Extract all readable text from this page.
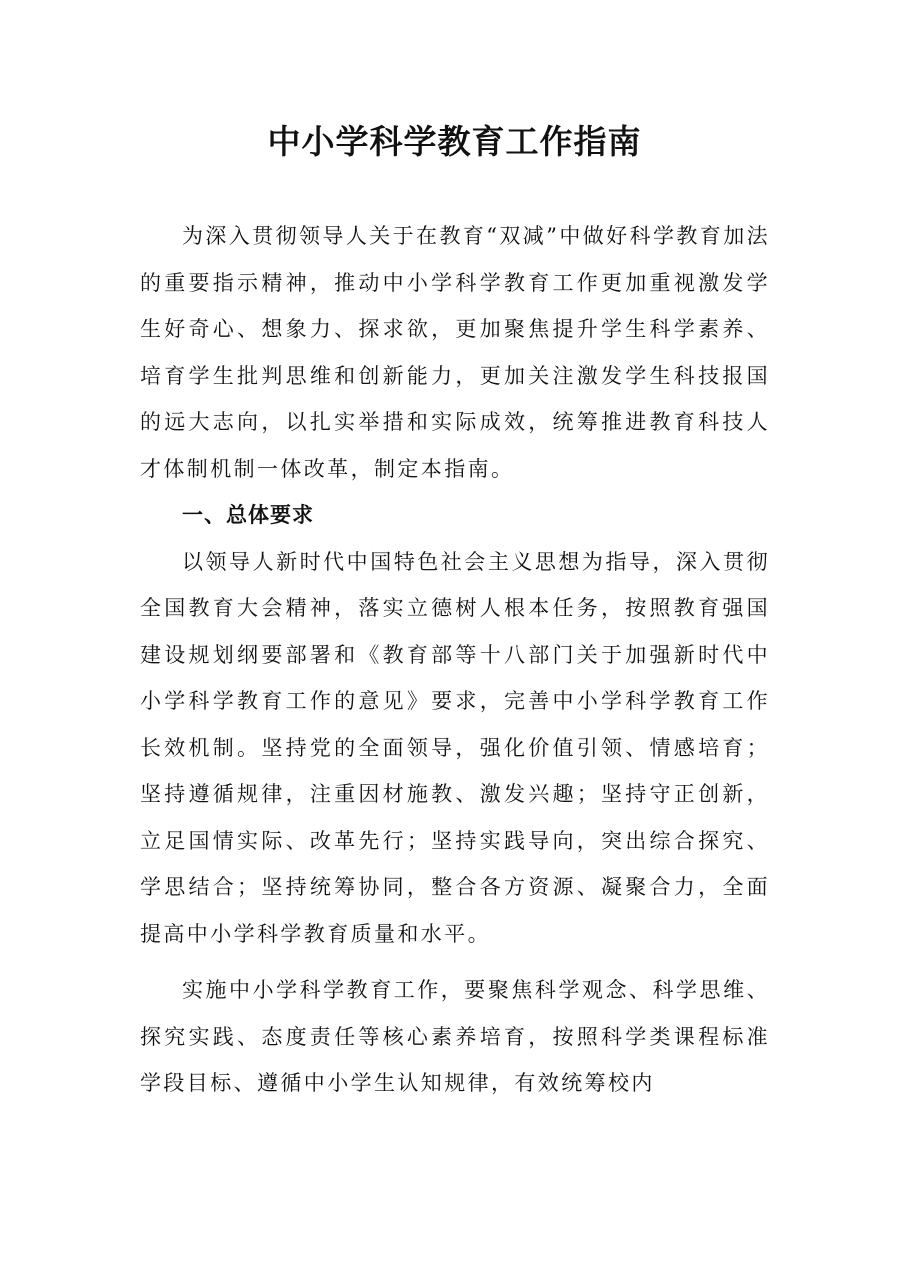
中小学科学教育工作指南

为深入贯彻领导人关于在教育“双减”中做好科学教育加法的重要指示精神，推动中小学科学教育工作更加重视激发学生好奇心、想象力、探求欲，更加聚焦提升学生科学素养、培育学生批判思维和创新能力，更加关注激发学生科技报国的远大志向，以扎实举措和实际成效，统筹推进教育科技人才体制机制一体改革，制定本指南。

一、总体要求

以领导人新时代中国特色社会主义思想为指导，深入贯彻全国教育大会精神，落实立德树人根本任务，按照教育强国建设规划纲要部署和《教育部等十八部门关于加强新时代中小学科学教育工作的意见》要求，完善中小学科学教育工作长效机制。坚持党的全面领导，强化价值引领、情感培育；坚持遵循规律，注重因材施教、激发兴趣；坚持守正创新，立足国情实际、改革先行；坚持实践导向，突出综合探究、学思结合；坚持统筹协同，整合各方资源、凝聚合力，全面提高中小学科学教育质量和水平。

实施中小学科学教育工作，要聚焦科学观念、科学思维、探究实践、态度责任等核心素养培育，按照科学类课程标准学段目标、遵循中小学生认知规律，有效统筹校内
